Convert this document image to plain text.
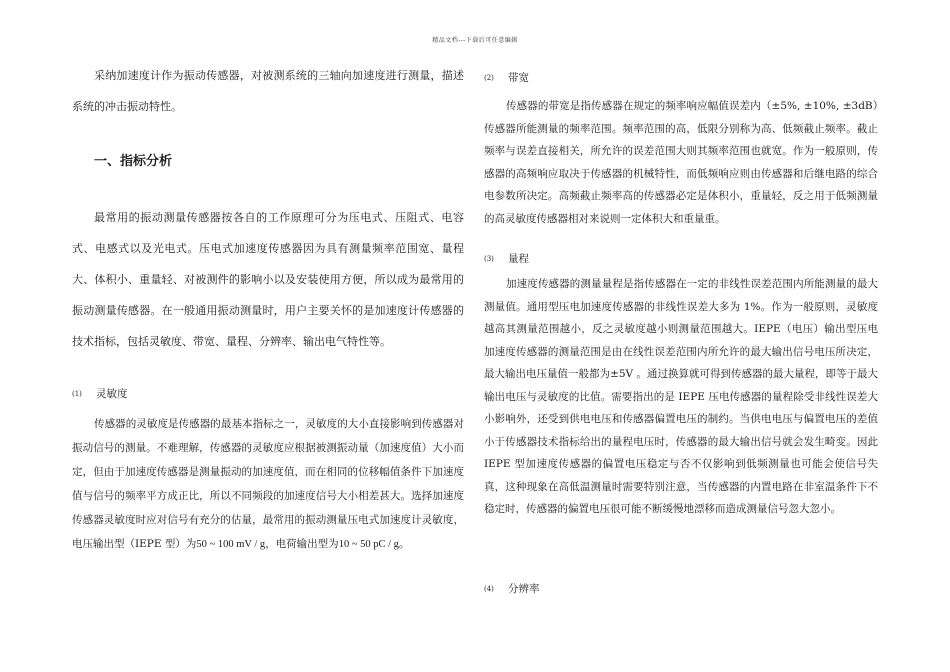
精品文档---下载后可任意编辑

采纳加速度计作为振动传感器，对被测系统的三轴向加速度进行测量，描述系统的冲击振动特性。

一、指标分析

最常用的振动测量传感器按各自的工作原理可分为压电式、压阻式、电容式、电感式以及光电式。压电式加速度传感器因为具有测量频率范围宽、量程大、体积小、重量轻、对被测件的影响小以及安装使用方便，所以成为最常用的振动测量传感器。在一般通用振动测量时，用户主要关怀的是加速度计传感器的技术指标，包括灵敏度、带宽、量程、分辨率、输出电气特性等。

(1) 灵敏度

传感器的灵敏度是传感器的最基本指标之一，灵敏度的大小直接影响到传感器对振动信号的测量。不难理解，传感器的灵敏度应根据被测振动量（加速度值）大小而定，但由于加速度传感器是测量振动的加速度值，而在相同的位移幅值条件下加速度值与信号的频率平方成正比，所以不同频段的加速度信号大小相差甚大。选择加速度传感器灵敏度时应对信号有充分的估量，最常用的振动测量压电式加速度计灵敏度，电压输出型（IEPE 型）为50 ~ 100 mV / g，电荷输出型为10 ~ 50 pC / g。

(2) 带宽

传感器的带宽是指传感器在规定的频率响应幅值误差内（±5%, ±10%, ±3dB）传感器所能测量的频率范围。频率范围的高，低限分别称为高、低频截止频率。截止频率与误差直接相关，所允许的误差范围大则其频率范围也就宽。作为一般原则，传感器的高频响应取决于传感器的机械特性，而低频响应则由传感器和后继电路的综合电参数所决定。高频截止频率高的传感器必定是体积小，重量轻，反之用于低频测量的高灵敏度传感器相对来说则一定体积大和重量重。

(3) 量程

加速度传感器的测量量程是指传感器在一定的非线性误差范围内所能测量的最大测量值。通用型压电加速度传感器的非线性误差大多为 1%。作为一般原则，灵敏度越高其测量范围越小，反之灵敏度越小则测量范围越大。IEPE（电压）输出型压电加速度传感器的测量范围是由在线性误差范围内所允许的最大输出信号电压所决定，最大输出电压量值一般都为±5V 。通过换算就可得到传感器的最大量程，即等于最大输出电压与灵敏度的比值。需要指出的是 IEPE 压电传感器的量程除受非线性误差大小影响外，还受到供电电压和传感器偏置电压的制约。当供电电压与偏置电压的差值小于传感器技术指标给出的量程电压时，传感器的最大输出信号就会发生畸变。因此 IEPE 型加速度传感器的偏置电压稳定与否不仅影响到低频测量也可能会使信号失真，这种现象在高低温测量时需要特别注意，当传感器的内置电路在非室温条件下不稳定时，传感器的偏置电压很可能不断缓慢地漂移而造成测量信号忽大忽小。

(4) 分辨率
